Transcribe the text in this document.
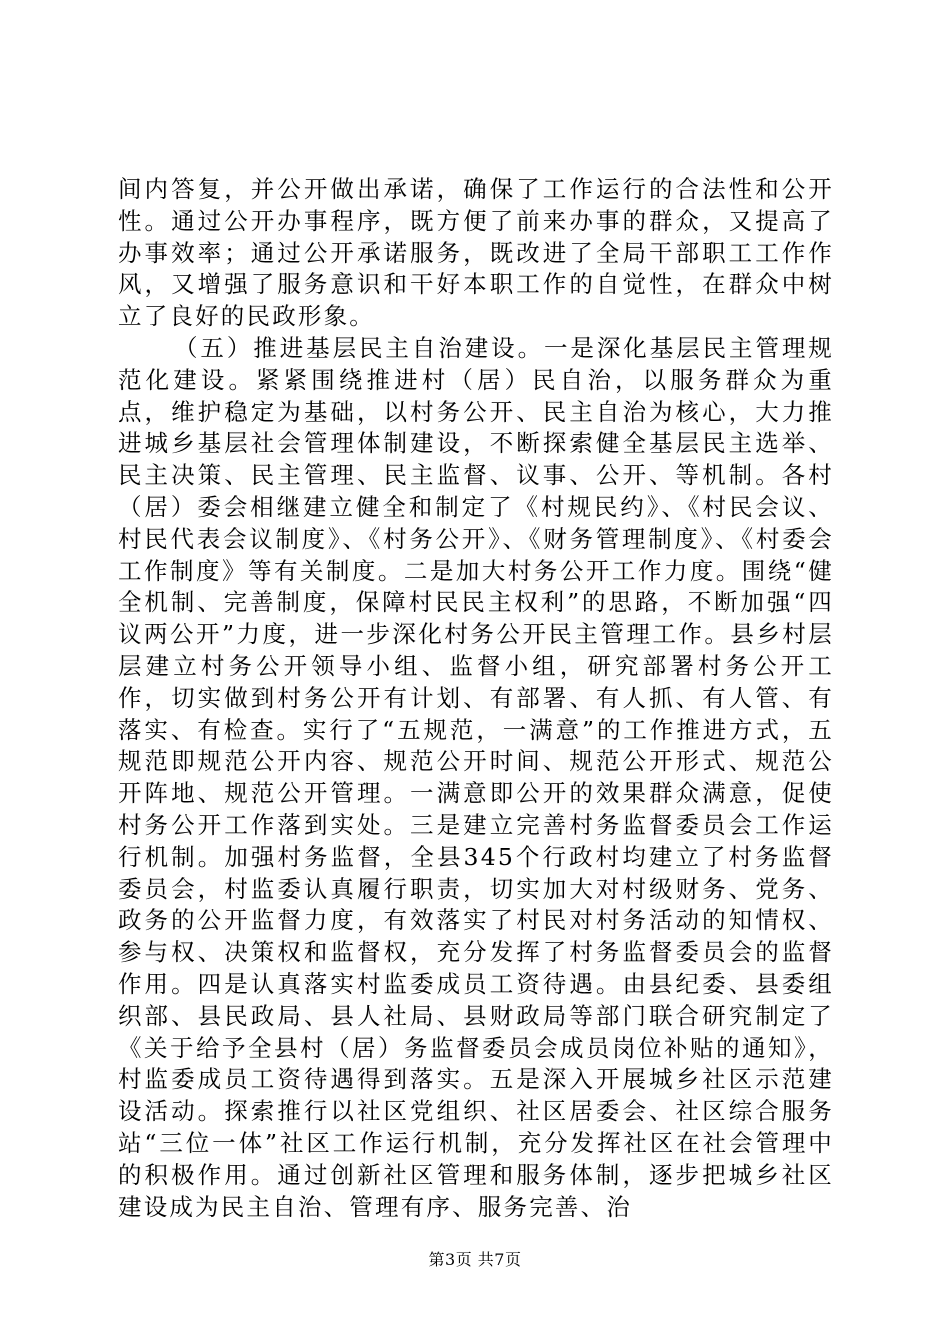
间内答复，并公开做出承诺，确保了工作运行的合法性和公开性。通过公开办事程序，既方便了前来办事的群众，又提高了办事效率；通过公开承诺服务，既改进了全局干部职工工作作风，又增强了服务意识和干好本职工作的自觉性，在群众中树立了良好的民政形象。

（五）推进基层民主自治建设。一是深化基层民主管理规范化建设。紧紧围绕推进村（居）民自治，以服务群众为重点，维护稳定为基础，以村务公开、民主自治为核心，大力推进城乡基层社会管理体制建设，不断探索健全基层民主选举、民主决策、民主管理、民主监督、议事、公开、等机制。各村（居）委会相继建立健全和制定了《村规民约》、《村民会议、村民代表会议制度》、《村务公开》、《财务管理制度》、《村委会工作制度》等有关制度。二是加大村务公开工作力度。围绕“健全机制、完善制度，保障村民民主权利”的思路，不断加强“四议两公开”力度，进一步深化村务公开民主管理工作。县乡村层层建立村务公开领导小组、监督小组，研究部署村务公开工作，切实做到村务公开有计划、有部署、有人抓、有人管、有落实、有检查。实行了“五规范，一满意”的工作推进方式，五规范即规范公开内容、规范公开时间、规范公开形式、规范公开阵地、规范公开管理。一满意即公开的效果群众满意，促使村务公开工作落到实处。三是建立完善村务监督委员会工作运行机制。加强村务监督，全县345个行政村均建立了村务监督委员会，村监委认真履行职责，切实加大对村级财务、党务、政务的公开监督力度，有效落实了村民对村务活动的知情权、参与权、决策权和监督权，充分发挥了村务监督委员会的监督作用。四是认真落实村监委成员工资待遇。由县纪委、县委组织部、县民政局、县人社局、县财政局等部门联合研究制定了《关于给予全县村（居）务监督委员会成员岗位补贴的通知》，村监委成员工资待遇得到落实。五是深入开展城乡社区示范建设活动。探索推行以社区党组织、社区居委会、社区综合服务站“三位一体”社区工作运行机制，充分发挥社区在社会管理中的积极作用。通过创新社区管理和服务体制，逐步把城乡社区建设成为民主自治、管理有序、服务完善、治

第3页 共7页
